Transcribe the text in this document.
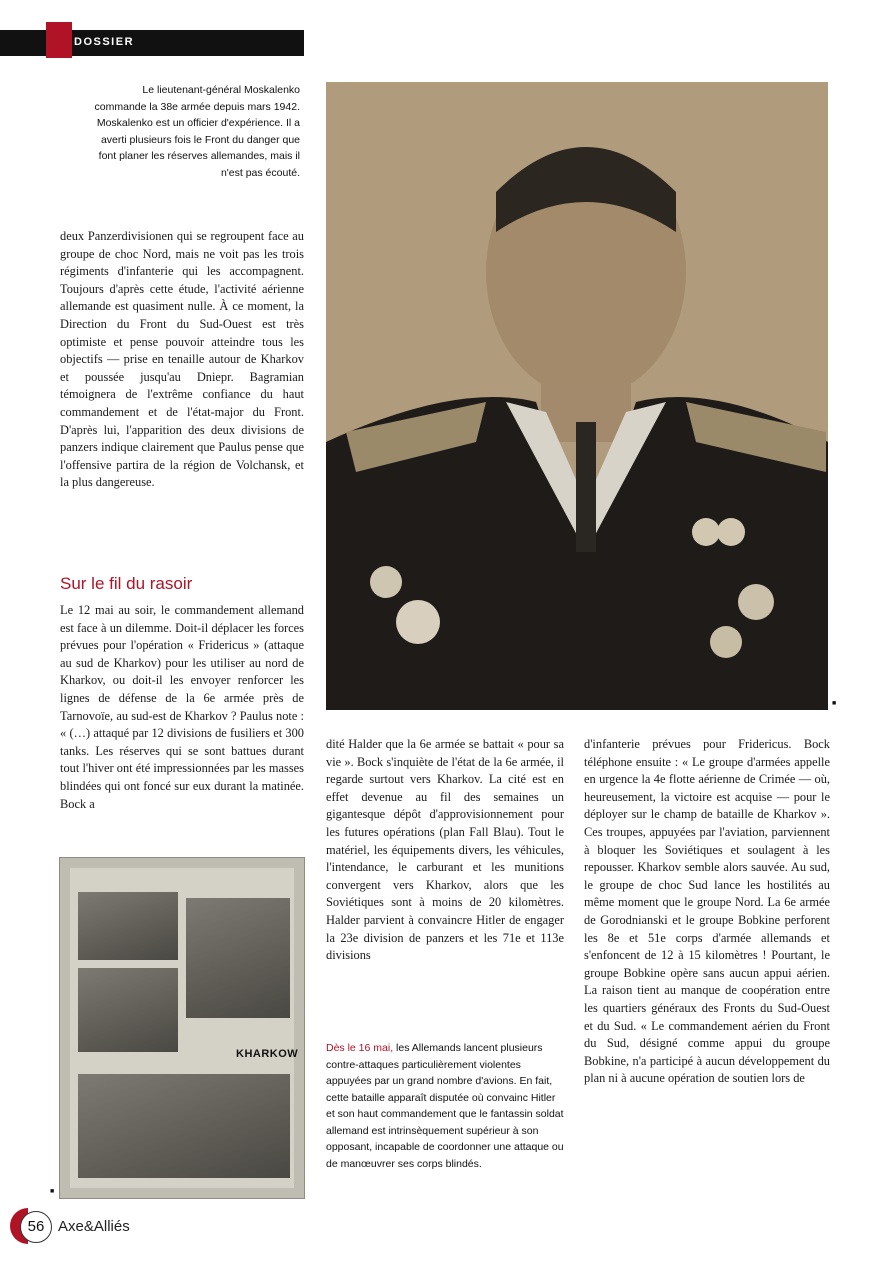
DOSSIER
Le lieutenant-général Moskalenko commande la 38e armée depuis mars 1942. Moskalenko est un officier d'expérience. Il a averti plusieurs fois le Front du danger que font planer les réserves allemandes, mais il n'est pas écouté.
■

deux Panzerdivisionen qui se regroupent face au groupe de choc Nord, mais ne voit pas les trois régiments d'infanterie qui les accompagnent. Toujours d'après cette étude, l'activité aérienne allemande est quasiment nulle. À ce moment, la Direction du Front du Sud-Ouest est très optimiste et pense pouvoir atteindre tous les objectifs — prise en tenaille autour de Kharkov et poussée jusqu'au Dniepr. Bagramian témoignera de l'extrême confiance du haut commandement et de l'état-major du Front. D'après lui, l'apparition des deux divisions de panzers indique clairement que Paulus pense que l'offensive partira de la région de Volchansk, et la plus dangereuse.

Sur le fil du rasoir

Le 12 mai au soir, le commandement allemand est face à un dilemme. Doit-il déplacer les forces prévues pour l'opération « Fridericus » (attaque au sud de Kharkov) pour les utiliser au nord de Kharkov, ou doit-il les envoyer renforcer les lignes de défense de la 6e armée près de Tarnovoïe, au sud-est de Kharkov ? Paulus note : « (…) attaqué par 12 divisions de fusiliers et 300 tanks. Les réserves qui se sont battues durant tout l'hiver ont été impressionnées par les masses blindées qui ont foncé sur eux durant la matinée. Bock a

KHARKOW
■

dité Halder que la 6e armée se battait « pour sa vie ». Bock s'inquiète de l'état de la 6e armée, il regarde surtout vers Kharkov. La cité est en effet devenue au fil des semaines un gigantesque dépôt d'approvisionnement pour les futures opérations (plan Fall Blau). Tout le matériel, les équipements divers, les véhicules, l'intendance, le carburant et les munitions convergent vers Kharkov, alors que les Soviétiques sont à moins de 20 kilomètres. Halder parvient à convaincre Hitler de engager la 23e division de panzers et les 71e et 113e divisions

Dès le 16 mai, les Allemands lancent plusieurs contre-attaques particulièrement violentes appuyées par un grand nombre d'avions. En fait, cette bataille apparaît disputée où convainc Hitler et son haut commandement que le fantassin soldat allemand est intrinsèquement supérieur à son opposant, incapable de coordonner une attaque ou de manœuvrer ses corps blindés.

d'infanterie prévues pour Fridericus. Bock téléphone ensuite : « Le groupe d'armées appelle en urgence la 4e flotte aérienne de Crimée — où, heureusement, la victoire est acquise — pour le déployer sur le champ de bataille de Kharkov ». Ces troupes, appuyées par l'aviation, parviennent à bloquer les Soviétiques et soulagent à les repousser. Kharkov semble alors sauvée. Au sud, le groupe de choc Sud lance les hostilités au même moment que le groupe Nord. La 6e armée de Gorodnianski et le groupe Bobkine perforent les 8e et 51e corps d'armée allemands et s'enfoncent de 12 à 15 kilomètres ! Pourtant, le groupe Bobkine opère sans aucun appui aérien. La raison tient au manque de coopération entre les quartiers généraux des Fronts du Sud-Ouest et du Sud. « Le commandement aérien du Front du Sud, désigné comme appui du groupe Bobkine, n'a participé à aucun développement du plan ni à aucune opération de soutien lors de

56 Axe&Alliés
